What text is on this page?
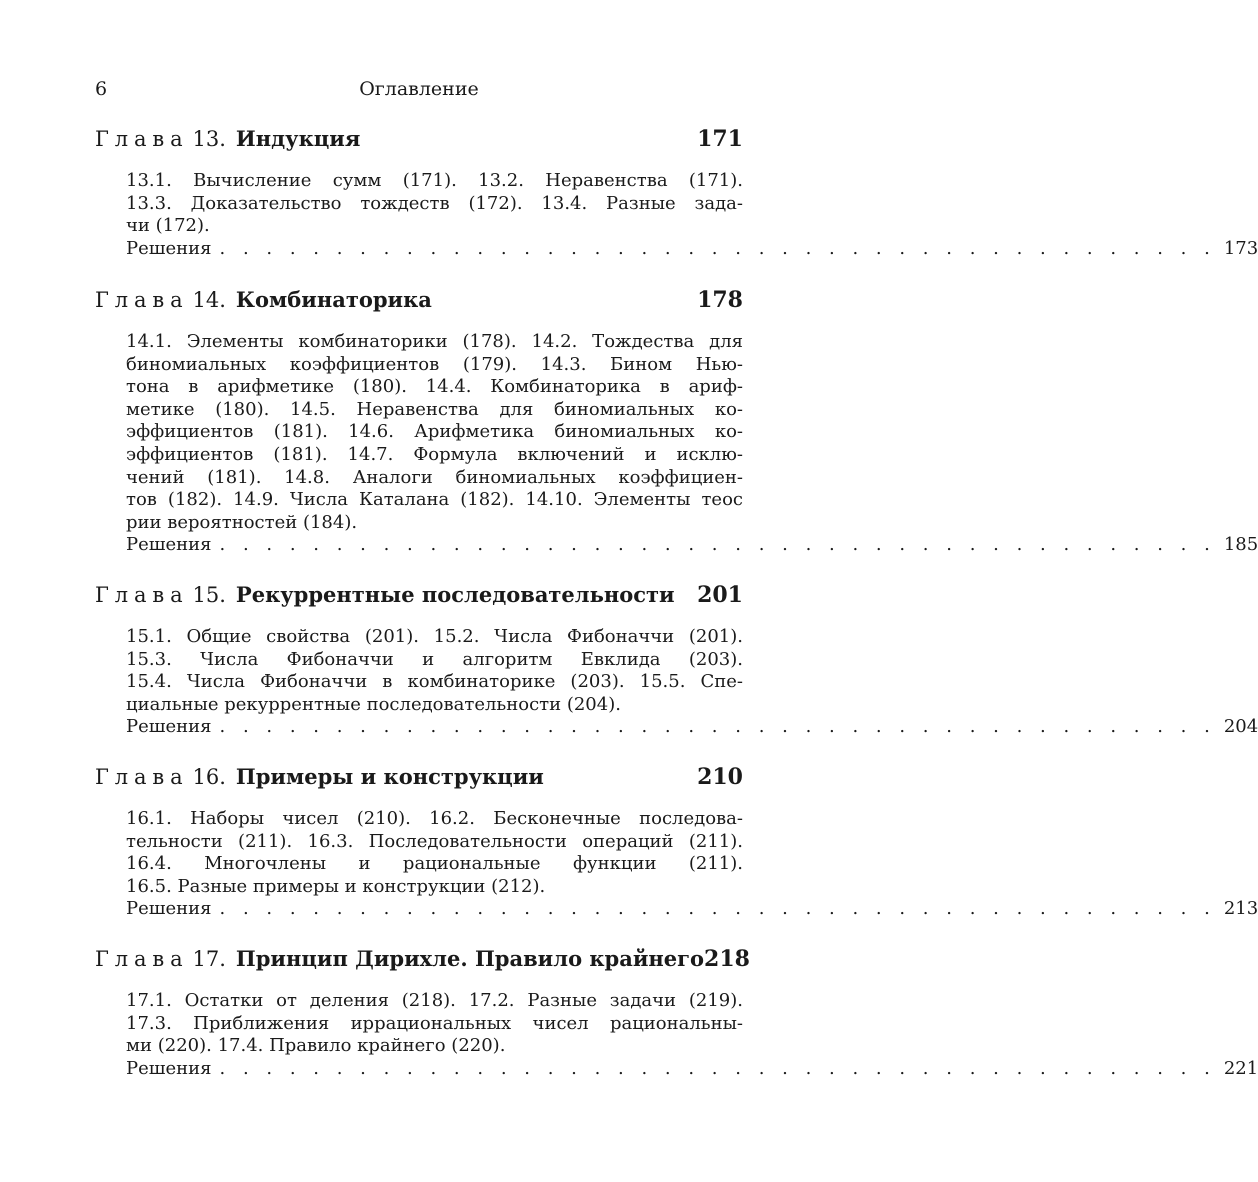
6	Оглавление
Глава 13. Индукция	171
13.1. Вычисление сумм (171). 13.2. Неравенства (171).
13.3. Доказательство тождеств (172). 13.4. Разные зада-
чи (172).
Решения . . . . . . . . . . . . . . . . . . . . . . . . . . . . . . . . . . . . . . . . . . . 173
Глава 14. Комбинаторика	178
14.1. Элементы комбинаторики (178). 14.2. Тождества для
биномиальных коэффициентов (179). 14.3. Бином Нью-
тона в арифметике (180). 14.4. Комбинаторика в ариф-
метике (180). 14.5. Неравенства для биномиальных ко-
эффициентов (181). 14.6. Арифметика биномиальных ко-
эффициентов (181). 14.7. Формула включений и исклю-
чений (181). 14.8. Аналоги биномиальных коэффициен-
тов (182). 14.9. Числа Каталана (182). 14.10. Элементы теос
рии вероятностей (184).
Решения . . . . . . . . . . . . . . . . . . . . . . . . . . . . . . . . . . . . . . . . . . . 185
Глава 15. Рекуррентные последовательности	201
15.1. Общие свойства (201). 15.2. Числа Фибоначчи (201).
15.3. Числа Фибоначчи и алгоритм Евклида (203).
15.4. Числа Фибоначчи в комбинаторике (203). 15.5. Спе-
циальные рекуррентные последовательности (204).
Решения . . . . . . . . . . . . . . . . . . . . . . . . . . . . . . . . . . . . . . . . . . . 204
Глава 16. Примеры и конструкции	210
16.1. Наборы чисел (210). 16.2. Бесконечные последова-
тельности (211). 16.3. Последовательности операций (211).
16.4. Многочлены и рациональные функции (211).
16.5. Разные примеры и конструкции (212).
Решения . . . . . . . . . . . . . . . . . . . . . . . . . . . . . . . . . . . . . . . . . . . 213
Глава 17. Принцип Дирихле. Правило крайнего 218
17.1. Остатки от деления (218). 17.2. Разные задачи (219).
17.3. Приближения иррациональных чисел рациональны-
ми (220). 17.4. Правило крайнего (220).
Решения . . . . . . . . . . . . . . . . . . . . . . . . . . . . . . . . . . . . . . . . . . . 221
